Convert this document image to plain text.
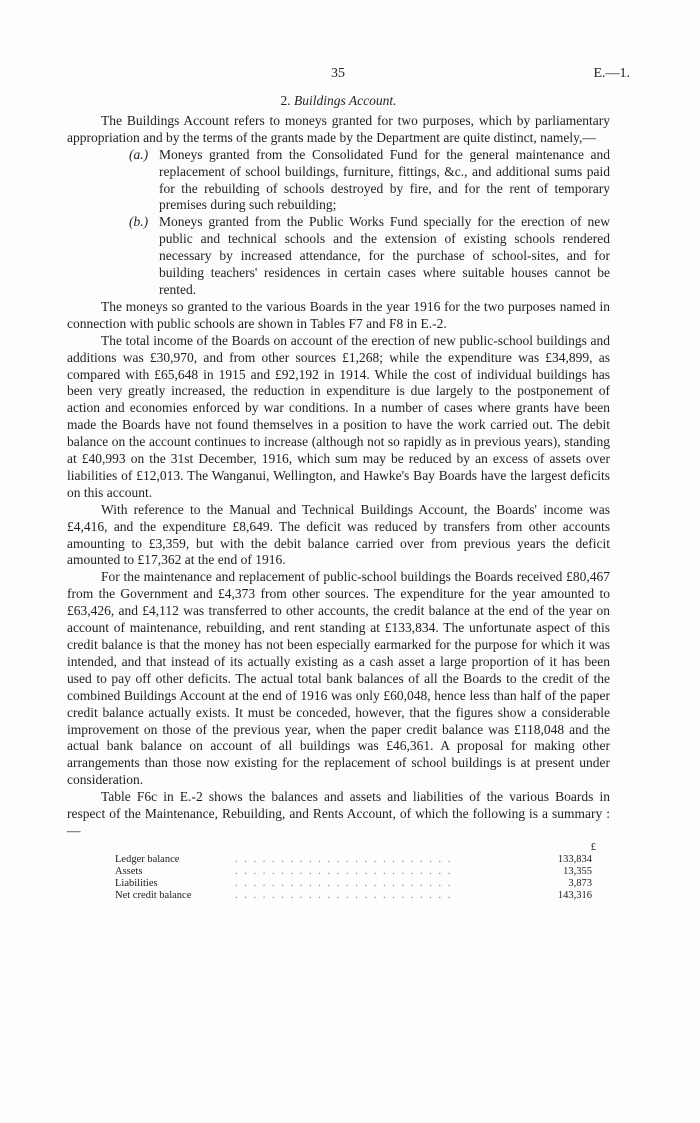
35	E.—1.
2. Buildings Account.

The Buildings Account refers to moneys granted for two purposes, which by parliamentary appropriation and by the terms of the grants made by the Department are quite distinct, namely,—

(a.) Moneys granted from the Consolidated Fund for the general maintenance and replacement of school buildings, furniture, fittings, &c., and additional sums paid for the rebuilding of schools destroyed by fire, and for the rent of temporary premises during such rebuilding;
(b.) Moneys granted from the Public Works Fund specially for the erection of new public and technical schools and the extension of existing schools rendered necessary by increased attendance, for the purchase of school-sites, and for building teachers' residences in certain cases where suitable houses cannot be rented.

The moneys so granted to the various Boards in the year 1916 for the two purposes named in connection with public schools are shown in Tables F7 and F8 in E.-2.

The total income of the Boards on account of the erection of new public-school buildings and additions was £30,970, and from other sources £1,268; while the expenditure was £34,899, as compared with £65,648 in 1915 and £92,192 in 1914. While the cost of individual buildings has been very greatly increased, the reduction in expenditure is due largely to the postponement of action and economies enforced by war conditions. In a number of cases where grants have been made the Boards have not found themselves in a position to have the work carried out. The debit balance on the account continues to increase (although not so rapidly as in previous years), standing at £40,993 on the 31st December, 1916, which sum may be reduced by an excess of assets over liabilities of £12,013. The Wanganui, Wellington, and Hawke's Bay Boards have the largest deficits on this account.

With reference to the Manual and Technical Buildings Account, the Boards' income was £4,416, and the expenditure £8,649. The deficit was reduced by transfers from other accounts amounting to £3,359, but with the debit balance carried over from previous years the deficit amounted to £17,362 at the end of 1916.

For the maintenance and replacement of public-school buildings the Boards received £80,467 from the Government and £4,373 from other sources. The expenditure for the year amounted to £63,426, and £4,112 was transferred to other accounts, the credit balance at the end of the year on account of maintenance, rebuilding, and rent standing at £133,834. The unfortunate aspect of this credit balance is that the money has not been especially earmarked for the purpose for which it was intended, and that instead of its actually existing as a cash asset a large proportion of it has been used to pay off other deficits. The actual total bank balances of all the Boards to the credit of the combined Buildings Account at the end of 1916 was only £60,048, hence less than half of the paper credit balance actually exists. It must be conceded, however, that the figures show a considerable improvement on those of the previous year, when the paper credit balance was £118,048 and the actual bank balance on account of all buildings was £46,361. A proposal for making other arrangements than those now existing for the replacement of school buildings is at present under consideration.

Table F6c in E.-2 shows the balances and assets and liabilities of the various Boards in respect of the Maintenance, Rebuilding, and Rents Account, of which the following is a summary :—

£
Ledger balance	. . . . . . . . . . . . . . . . . . . . . . . .	133,834
Assets	. . . . . . . . . . . . . . . . . . . . . . . .	13,355
Liabilities	. . . . . . . . . . . . . . . . . . . . . . . .	3,873
Net credit balance	. . . . . . . . . . . . . . . . . . . . . . . .	143,316
